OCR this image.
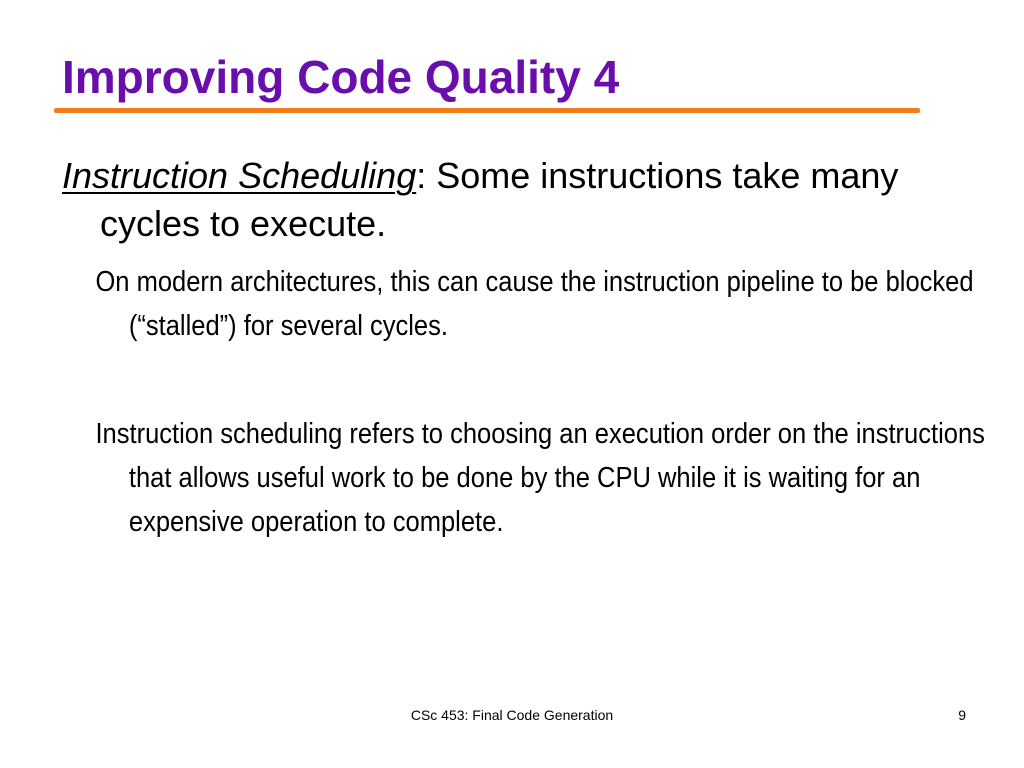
Improving Code Quality 4

Instruction Scheduling: Some instructions take many cycles to execute.

On modern architectures, this can cause the instruction pipeline to be blocked (“stalled”) for several cycles.

Instruction scheduling refers to choosing an execution order on the instructions that allows useful work to be done by the CPU while it is waiting for an expensive operation to complete.

CSc 453: Final Code Generation	9
